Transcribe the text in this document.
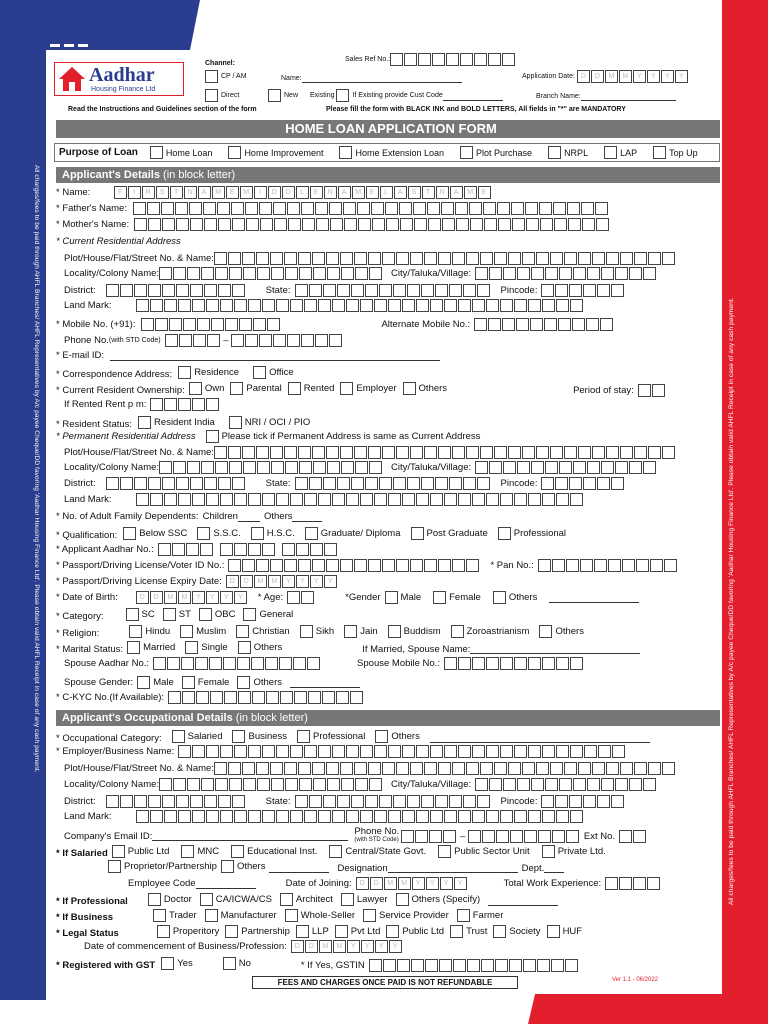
All charges/fees to be paid through AHFL Branches/ AHFL Representatives by A/c payee Cheque/DD favoring 'Aadhar Housing Finance Ltd'. Please obtain valid AHFL Receipt in case of any cash payment.	All charges/fees to be paid through AHFL Branches/ AHFL Representatives by A/c payee Cheque/DD favoring 'Aadhar Housing Finance Ltd'. Please obtain valid AHFL Receipt in case of any cash payment.
Aadhar
Housing Finance Ltd
Channel:
CP / AM
Direct	New Existing
	If Existing provide Cust Code
Sales Ref No.:
Name:	Application Date:
D D M M Y Y Y Y
Branch Name:
Read the Instructions and Guidelines section of the form	Please fill the form with BLACK INK and BOLD LETTERS, All fields in "*" are MANDATORY
HOME LOAN APPLICATION FORM
Purpose of Loan	Home Loan	Home Improvement	Home Extension Loan	Plot Purchase	NRPL	LAP	Top Up
Applicant's Details (in block letter)
* Name:
	F I R S T N A M E M I D D L E N A M E L A S T N A M E
* Father's Name:
* Mother's Name:
* Current Residential Address
Plot/House/Flat/Street No. & Name:
Locality/Colony Name:	City/Taluka/Village:
District:	State:	Pincode:
Land Mark:
* Mobile No. (+91):	Alternate Mobile No.:
Phone No. (with STD Code)	–
* E-mail ID:
* Correspondence Address: Residence	Office
* Current Resident Ownership: Own Parental Rented Employer Others	Period of stay:
If Rented Rent p m:
* Resident Status: Resident India	NRI / OCI / PIO
* Permanent Residential Address	Please tick if Permanent Address is same as Current Address
Plot/House/Flat/Street No. & Name:
Locality/Colony Name:	City/Taluka/Village:
District:	State:	Pincode:
Land Mark:
* No. of Adult Family Dependents: Children	Others
* Qualification: Below SSC	S.S.C.	H.S.C.	Graduate/ Diploma	Post Graduate	Professional
* Applicant Aadhar No.:
* Passport/Driving License/Voter ID No.:	* Pan No.:
* Passport/Driving License Expiry Date:	D D M M Y Y Y Y
* Date of Birth:	D D M M Y Y Y Y	* Age:	*Gender Male	Female	Others
* Category:	SC	ST	OBC	General
* Religion:	Hindu	Muslim	Christian	Sikh	Jain	Buddism	Zoroastrianism	Others
* Marital Status: Married	Single	Others	If Married, Spouse Name:
Spouse Aadhar No.:	Spouse Mobile No.:
Spouse Gender: Male	Female	Others
* C-KYC No.(If Available):
Applicant's Occupational Details (in block letter)
* Occupational Category:	Salaried	Business	Professional	Others
* Employer/Business Name:
Plot/House/Flat/Street No. & Name:
Locality/Colony Name:	City/Taluka/Village:
District:	State:	Pincode:
Land Mark:
Company's Email ID:	Phone No.
(with STD Code)	–	Ext No.
* If Salaried Public Ltd	MNC	Educational Inst.	Central/State Govt.	Public Sector Unit	Private Ltd.
Proprietor/Partnership Others	Designation	Dept.
Employee Code	Date of Joining:	D	D	M	M	Y	Y	Y	Y	Total Work Experience:
* If Professional	Doctor	CA/ICWA/CS	Architect	Lawyer	Others (Specify)
* If Business	Trader	Manufacturer	Whole-Seller	Service Provider	Farmer
* Legal Status	Properitory Partnership LLP Pvt Ltd Public Ltd Trust Society HUF
Date of commencement of Business/Profession:	D	D	M	M	Y	Y	Y	Y
* Registered with GST Yes	No	* If Yes, GSTIN
FEES AND CHARGES ONCE PAID IS NOT REFUNDABLE	Ver 1.1 - 06/2022
